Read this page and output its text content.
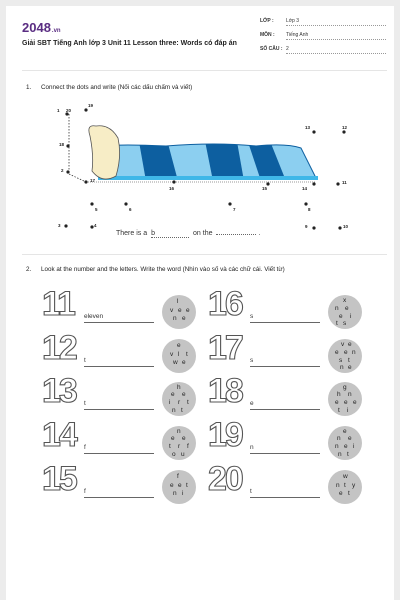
2048.vn
Giải SBT Tiếng Anh lớp 3 Unit 11 Lesson three: Words có đáp án
LỚP : Lớp 3
MÔN : Tiếng Anh
SỐ CÂU : 2
1. Connect the dots and write (Nối các dấu chấm và viết)
1 20
19
18
2
17
16	15	14
13	12
11
3	4
5	6	7	8
9	10
There is a b	on the	.
2. Look at the number and the letters. Write the word (Nhìn vào số và các chữ cái. Viết từ)
11 eleven
l
v e e
n e
12 t
e
v l t
w e
13 t
h
e e
i r t
n t
14 f
n
e e
t r f
o u
15 f
f
e e t
n i
16 s
x
n e
e i
s
t
17 s
v e
e e n
s t
n e
18 e
g
h n
e e e
t i
19 n
e
n e
n e i
n t
20 t
w
n t y
e t
